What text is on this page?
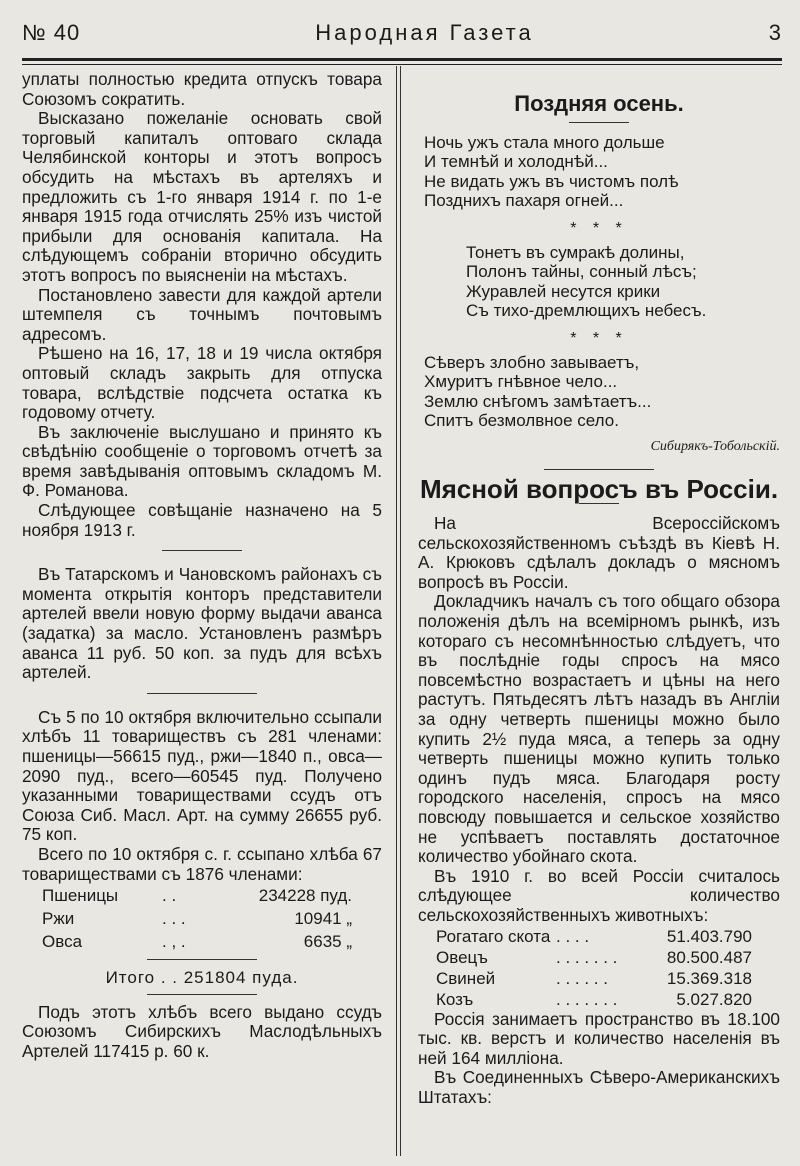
№ 40	Народная Газета	3

уплаты полностью кредита отпускъ товара Союзомъ сократить.

Высказано пожеланіе основать свой торговый капиталъ оптоваго склада Челябинской конторы и этотъ вопросъ обсудить на мѣстахъ въ артеляхъ и предложить съ 1-го января 1914 г. по 1-е января 1915 года отчислять 25% изъ чистой прибыли для основанія капитала. На слѣдующемъ собраніи вторично обсудить этотъ вопросъ по выясненіи на мѣстахъ.

Постановлено завести для каждой артели штемпеля съ точнымъ почтовымъ адресомъ.

Рѣшено на 16, 17, 18 и 19 числа октября оптовый складъ закрыть для отпуска товара, вслѣдствіе подсчета остатка къ годовому отчету.

Въ заключеніе выслушано и принято къ свѣдѣнію сообщеніе о торговомъ отчетѣ за время завѣдыванія оптовымъ складомъ М. Ф. Романова.

Слѣдующее совѣщаніе назначено на 5 ноября 1913 г.

Въ Татарскомъ и Чановскомъ районахъ съ момента открытія конторъ представители артелей ввели новую форму выдачи аванса (задатка) за масло. Установленъ размѣръ аванса 11 руб. 50 коп. за пудъ для всѣхъ артелей.

Съ 5 по 10 октября включительно ссыпали хлѣбъ 11 товариществъ съ 281 членами: пшеницы—56615 пуд., ржи—1840 п., овса—2090 пуд., всего—60545 пуд. Получено указанными товариществами ссудъ отъ Союза Сиб. Масл. Арт. на сумму 26655 руб. 75 коп.

Всего по 10 октября с. г. ссыпано хлѣба 67 товариществами съ 1876 членами:

Пшеницы	. .	234228 пуд.
Ржи	. . .	10941 „
Овса	. , .	6635 „

Итого . . 251804 пуда.

Подъ этотъ хлѣбъ всего выдано ссудъ Союзомъ Сибирскихъ Маслодѣльныхъ Артелей 117415 р. 60 к.

Поздняя осень.
Ночь ужъ стала много дольше
И темнѣй и холоднѣй...
Не видать ужъ въ чистомъ полѣ
Позднихъ пахаря огней...
* * *
Тонетъ въ сумракѣ долины,
Полонъ тайны, сонный лѣсъ;
Журавлей несутся крики
Съ тихо-дремлющихъ небесъ.
* * *
Сѣверъ злобно завываетъ,
Хмуритъ гнѣвное чело...
Землю снѣгомъ замѣтаетъ...
Спитъ безмолвное село.
Сибирякъ-Тобольскій.
Мясной вопросъ въ Россіи.

На Всероссійскомъ сельскохозяйственномъ съѣздѣ въ Кіевѣ Н. А. Крюковъ сдѣлалъ докладъ о мясномъ вопросѣ въ Россіи.

Докладчикъ началъ съ того общаго обзора положенія дѣлъ на всемірномъ рынкѣ, изъ котораго съ несомнѣнностью слѣдуетъ, что въ послѣдніе годы спросъ на мясо повсемѣстно возрастаетъ и цѣны на него растутъ. Пятьдесятъ лѣтъ назадъ въ Англіи за одну четверть пшеницы можно было купить 2½ пуда мяса, а теперь за одну четверть пшеницы можно купить только одинъ пудъ мяса. Благодаря росту городского населенія, спросъ на мясо повсюду повышается и сельское хозяйство не успѣваетъ поставлять достаточное количество убойнаго скота.

Въ 1910 г. во всей Россіи считалось слѣдующее количество сельскохозяйственныхъ животныхъ:

Рогатаго скота	. . . .	51.403.790
Овецъ	. . . . . . .	80.500.487
Свиней	. . . . . .	15.369.318
Козъ	. . . . . . .	5.027.820

Россія занимаетъ пространство въ 18.100 тыс. кв. верстъ и количество населенія въ ней 164 милліона.

Въ Соединенныхъ Сѣверо-Американскихъ Штатахъ:
